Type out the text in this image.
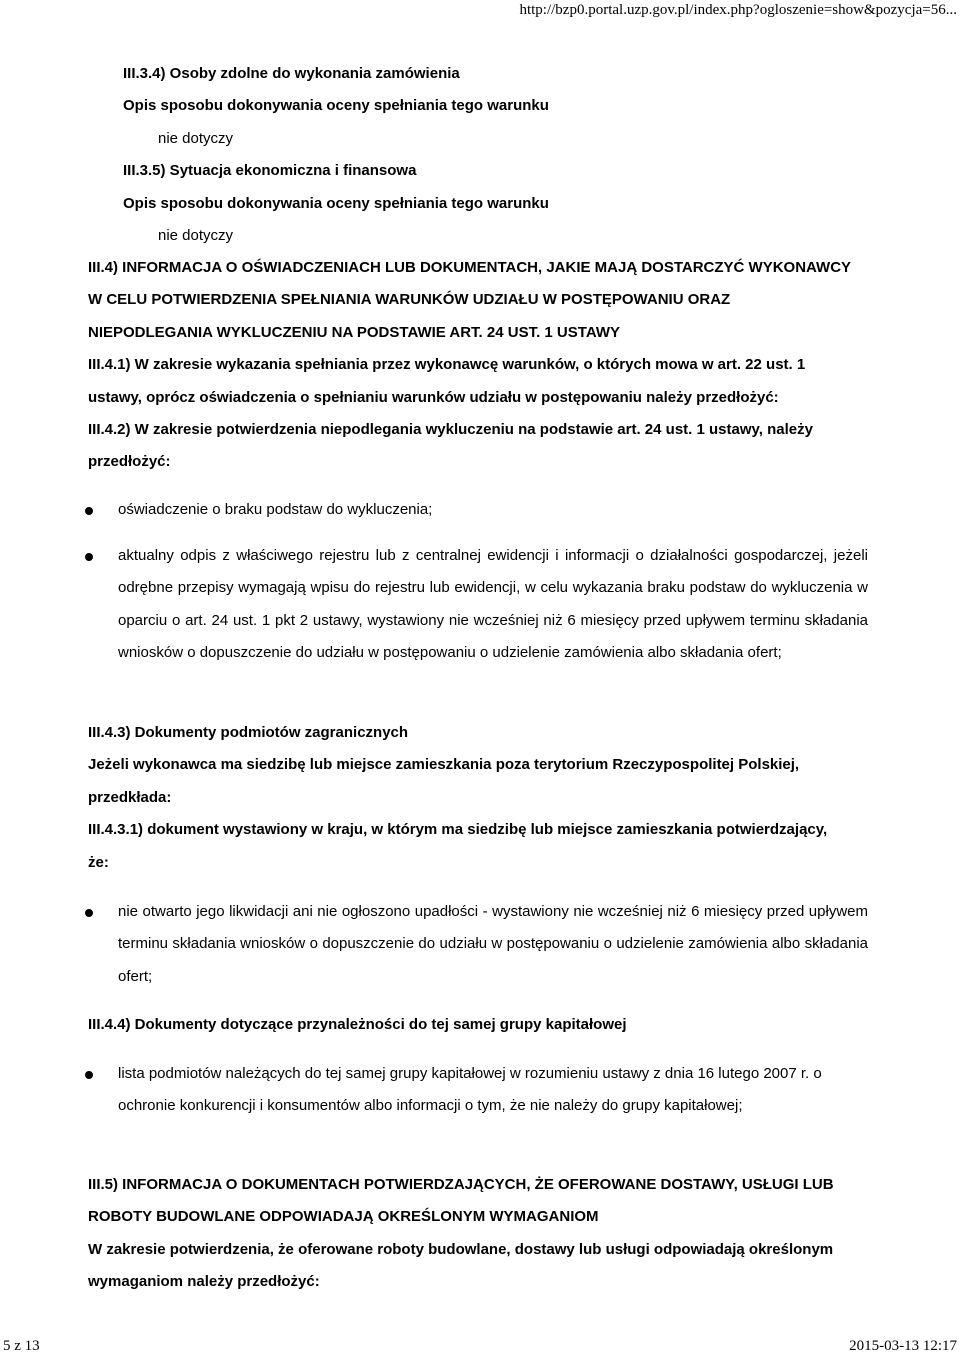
http://bzp0.portal.uzp.gov.pl/index.php?ogloszenie=show&pozycja=56...
III.3.4) Osoby zdolne do wykonania zamówienia
Opis sposobu dokonywania oceny spełniania tego warunku
nie dotyczy
III.3.5) Sytuacja ekonomiczna i finansowa
Opis sposobu dokonywania oceny spełniania tego warunku
nie dotyczy
III.4) INFORMACJA O OŚWIADCZENIACH LUB DOKUMENTACH, JAKIE MAJĄ DOSTARCZYĆ WYKONAWCY
W CELU POTWIERDZENIA SPEŁNIANIA WARUNKÓW UDZIAŁU W POSTĘPOWANIU ORAZ
NIEPODLEGANIA WYKLUCZENIU NA PODSTAWIE ART. 24 UST. 1 USTAWY
III.4.1) W zakresie wykazania spełniania przez wykonawcę warunków, o których mowa w art. 22 ust. 1
ustawy, oprócz oświadczenia o spełnianiu warunków udziału w postępowaniu należy przedłożyć:
III.4.2) W zakresie potwierdzenia niepodlegania wykluczeniu na podstawie art. 24 ust. 1 ustawy, należy
przedłożyć:
oświadczenie o braku podstaw do wykluczenia;
aktualny odpis z właściwego rejestru lub z centralnej ewidencji i informacji o działalności gospodarczej, jeżeli odrębne przepisy wymagają wpisu do rejestru lub ewidencji, w celu wykazania braku podstaw do wykluczenia w oparciu o art. 24 ust. 1 pkt 2 ustawy, wystawiony nie wcześniej niż 6 miesięcy przed upływem terminu składania wniosków o dopuszczenie do udziału w postępowaniu o udzielenie zamówienia albo składania ofert;
III.4.3) Dokumenty podmiotów zagranicznych
Jeżeli wykonawca ma siedzibę lub miejsce zamieszkania poza terytorium Rzeczypospolitej Polskiej,
przedkłada:
III.4.3.1) dokument wystawiony w kraju, w którym ma siedzibę lub miejsce zamieszkania potwierdzający,
że:
nie otwarto jego likwidacji ani nie ogłoszono upadłości - wystawiony nie wcześniej niż 6 miesięcy przed upływem terminu składania wniosków o dopuszczenie do udziału w postępowaniu o udzielenie zamówienia albo składania ofert;
III.4.4) Dokumenty dotyczące przynależności do tej samej grupy kapitałowej
lista podmiotów należących do tej samej grupy kapitałowej w rozumieniu ustawy z dnia 16 lutego 2007 r. o ochronie konkurencji i konsumentów albo informacji o tym, że nie należy do grupy kapitałowej;
III.5) INFORMACJA O DOKUMENTACH POTWIERDZAJĄCYCH, ŻE OFEROWANE DOSTAWY, USŁUGI LUB
ROBOTY BUDOWLANE ODPOWIADAJĄ OKREŚLONYM WYMAGANIOM
W zakresie potwierdzenia, że oferowane roboty budowlane, dostawy lub usługi odpowiadają określonym
wymaganiom należy przedłożyć:
5 z 13	2015-03-13 12:17
